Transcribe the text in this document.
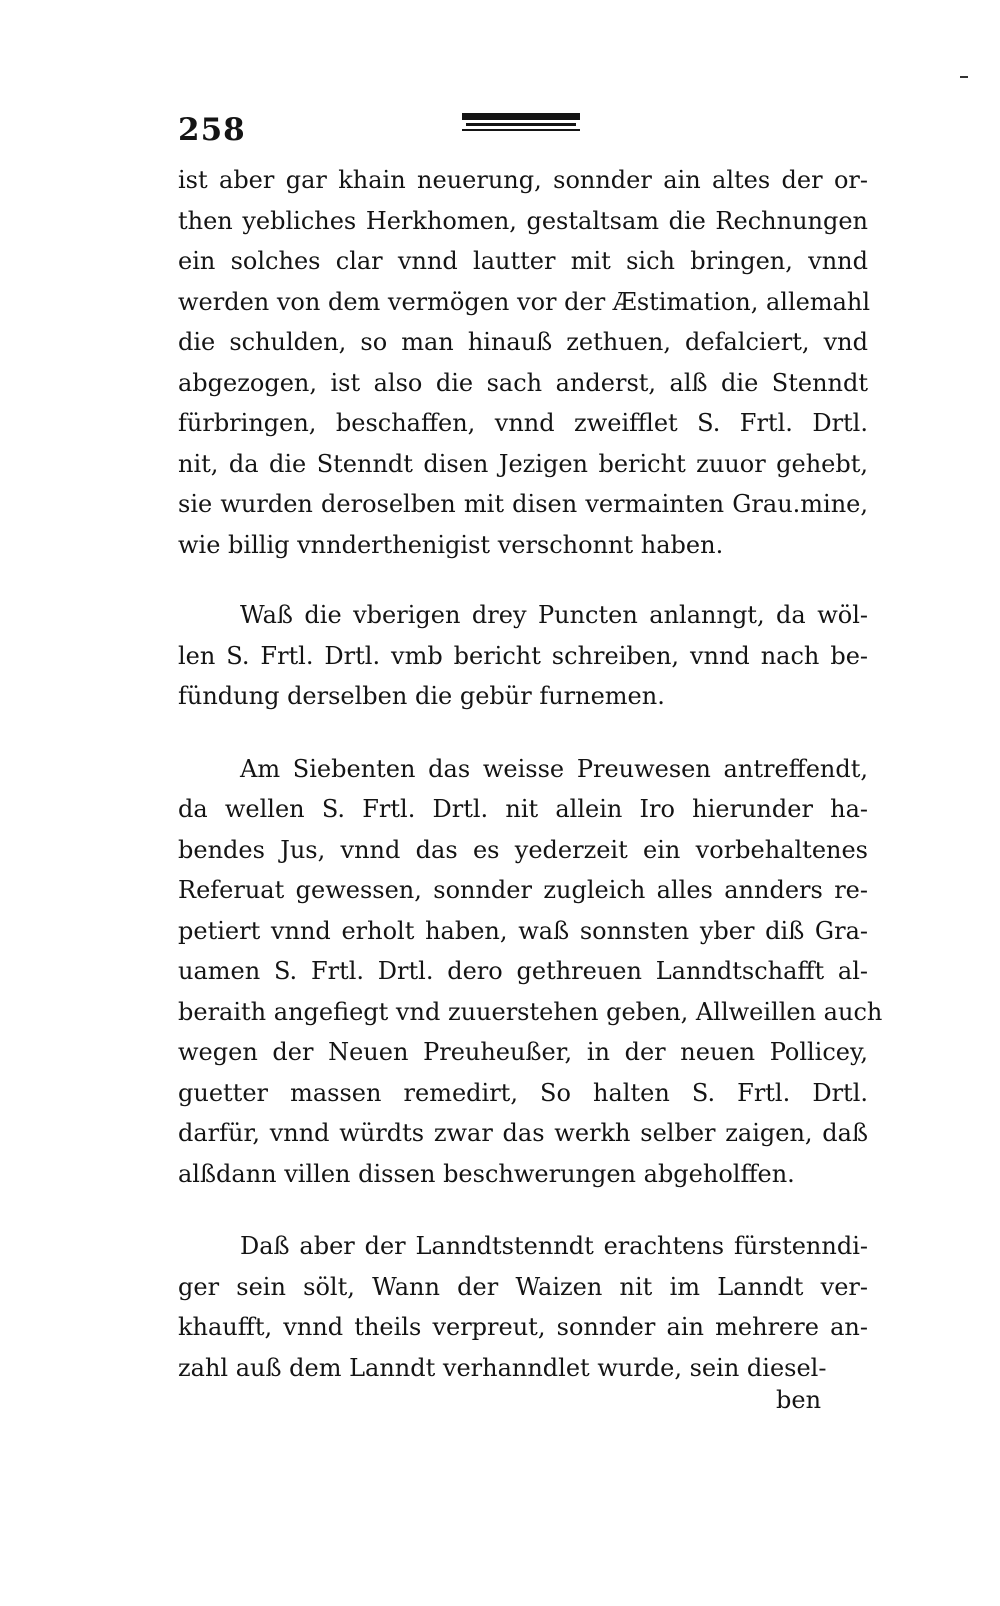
258

ist aber gar khain neuerung, sonnder ain altes der or-
then yebliches Herkhomen, gestaltsam die Rechnungen
ein solches clar vnnd lautter mit sich bringen, vnnd
werden von dem vermögen vor der Æstimation, allemahl
die schulden, so man hinauß zethuen, defalciert, vnd
abgezogen, ist also die sach anderst, alß die Stenndt
fürbringen, beschaffen, vnnd zweifflet S. Frtl. Drtl.
nit, da die Stenndt disen Jezigen bericht zuuor gehebt,
sie wurden deroselben mit disen vermainten Grau.mine,
wie billig vnnderthenigist verschonnt haben.

Waß die vberigen drey Puncten anlanngt, da wöl-
len S. Frtl. Drtl. vmb bericht schreiben, vnnd nach be-
fündung derselben die gebür furnemen.

Am Siebenten das weisse Preuwesen antreffendt,
da wellen S. Frtl. Drtl. nit allein Iro hierunder ha-
bendes Jus, vnnd das es yederzeit ein vorbehaltenes
Referuat gewessen, sonnder zugleich alles annders re-
petiert vnnd erholt haben, waß sonnsten yber diß Gra-
uamen S. Frtl. Drtl. dero gethreuen Lanndtschafft al-
beraith angefiegt vnd zuuerstehen geben, Allweillen auch
wegen der Neuen Preuheußer, in der neuen Pollicey,
guetter massen remedirt, So halten S. Frtl. Drtl.
darfür, vnnd würdts zwar das werkh selber zaigen, daß
alßdann villen dissen beschwerungen abgeholffen.

Daß aber der Lanndtstenndt erachtens fürstenndi-
ger sein sölt, Wann der Waizen nit im Lanndt ver-
khaufft, vnnd theils verpreut, sonnder ain mehrere an-
zahl auß dem Lanndt verhanndlet wurde, sein diesel-

ben
